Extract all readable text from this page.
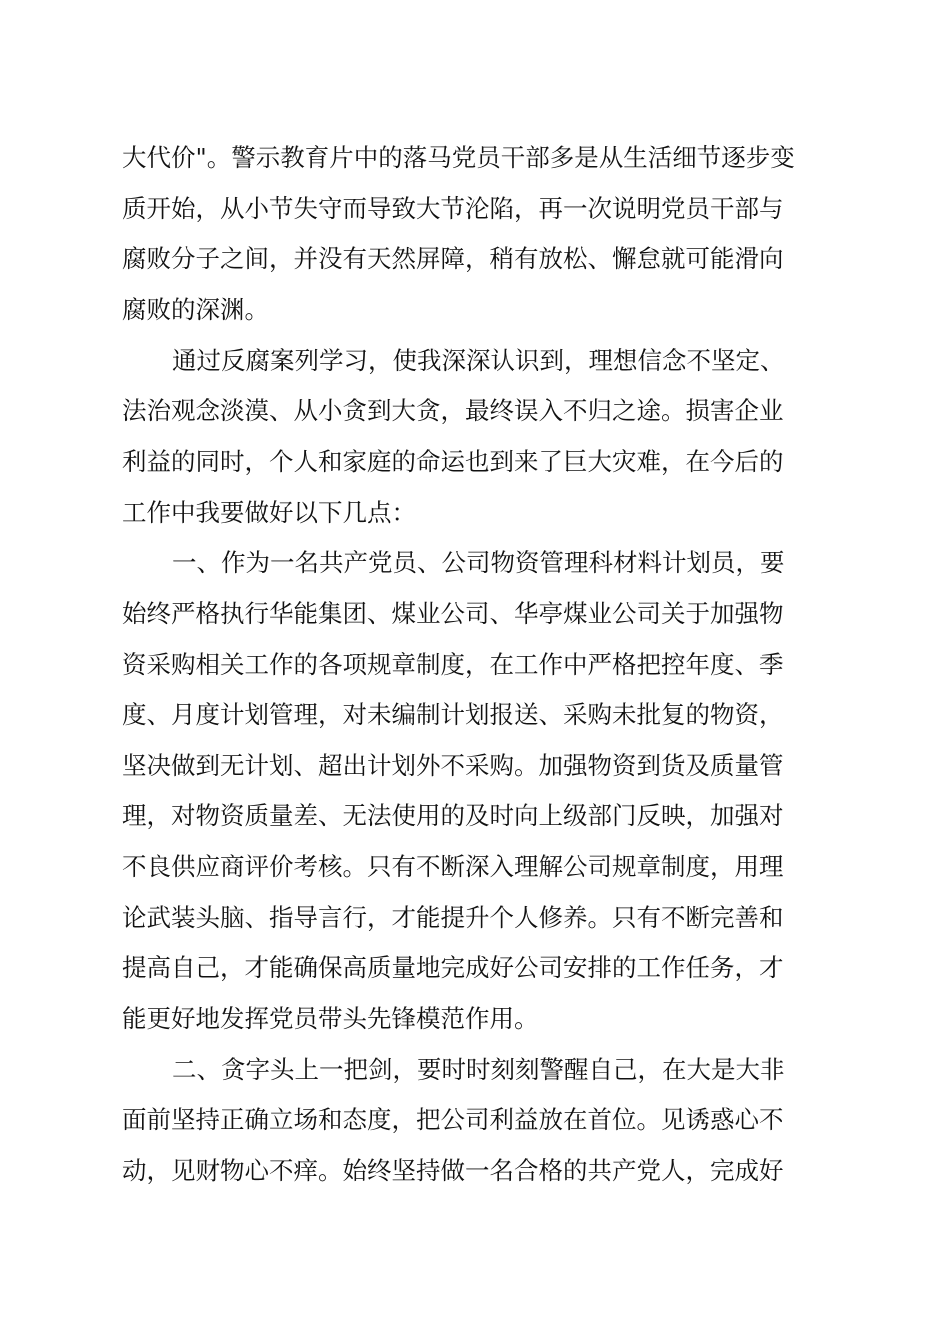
大代价"。警示教育片中的落马党员干部多是从生活细节逐步变
质开始，从小节失守而导致大节沦陷，再一次说明党员干部与
腐败分子之间，并没有天然屏障，稍有放松、懈怠就可能滑向
腐败的深渊。
通过反腐案列学习，使我深深认识到，理想信念不坚定、
法治观念淡漠、从小贪到大贪，最终误入不归之途。损害企业
利益的同时，个人和家庭的命运也到来了巨大灾难，在今后的
工作中我要做好以下几点：
一、作为一名共产党员、公司物资管理科材料计划员，要
始终严格执行华能集团、煤业公司、华亭煤业公司关于加强物
资采购相关工作的各项规章制度，在工作中严格把控年度、季
度、月度计划管理，对未编制计划报送、采购未批复的物资，
坚决做到无计划、超出计划外不采购。加强物资到货及质量管
理，对物资质量差、无法使用的及时向上级部门反映，加强对
不良供应商评价考核。只有不断深入理解公司规章制度，用理
论武装头脑、指导言行，才能提升个人修养。只有不断完善和
提高自己，才能确保高质量地完成好公司安排的工作任务，才
能更好地发挥党员带头先锋模范作用。
二、贪字头上一把剑，要时时刻刻警醒自己，在大是大非
面前坚持正确立场和态度，把公司利益放在首位。见诱惑心不
动，见财物心不痒。始终坚持做一名合格的共产党人，完成好
